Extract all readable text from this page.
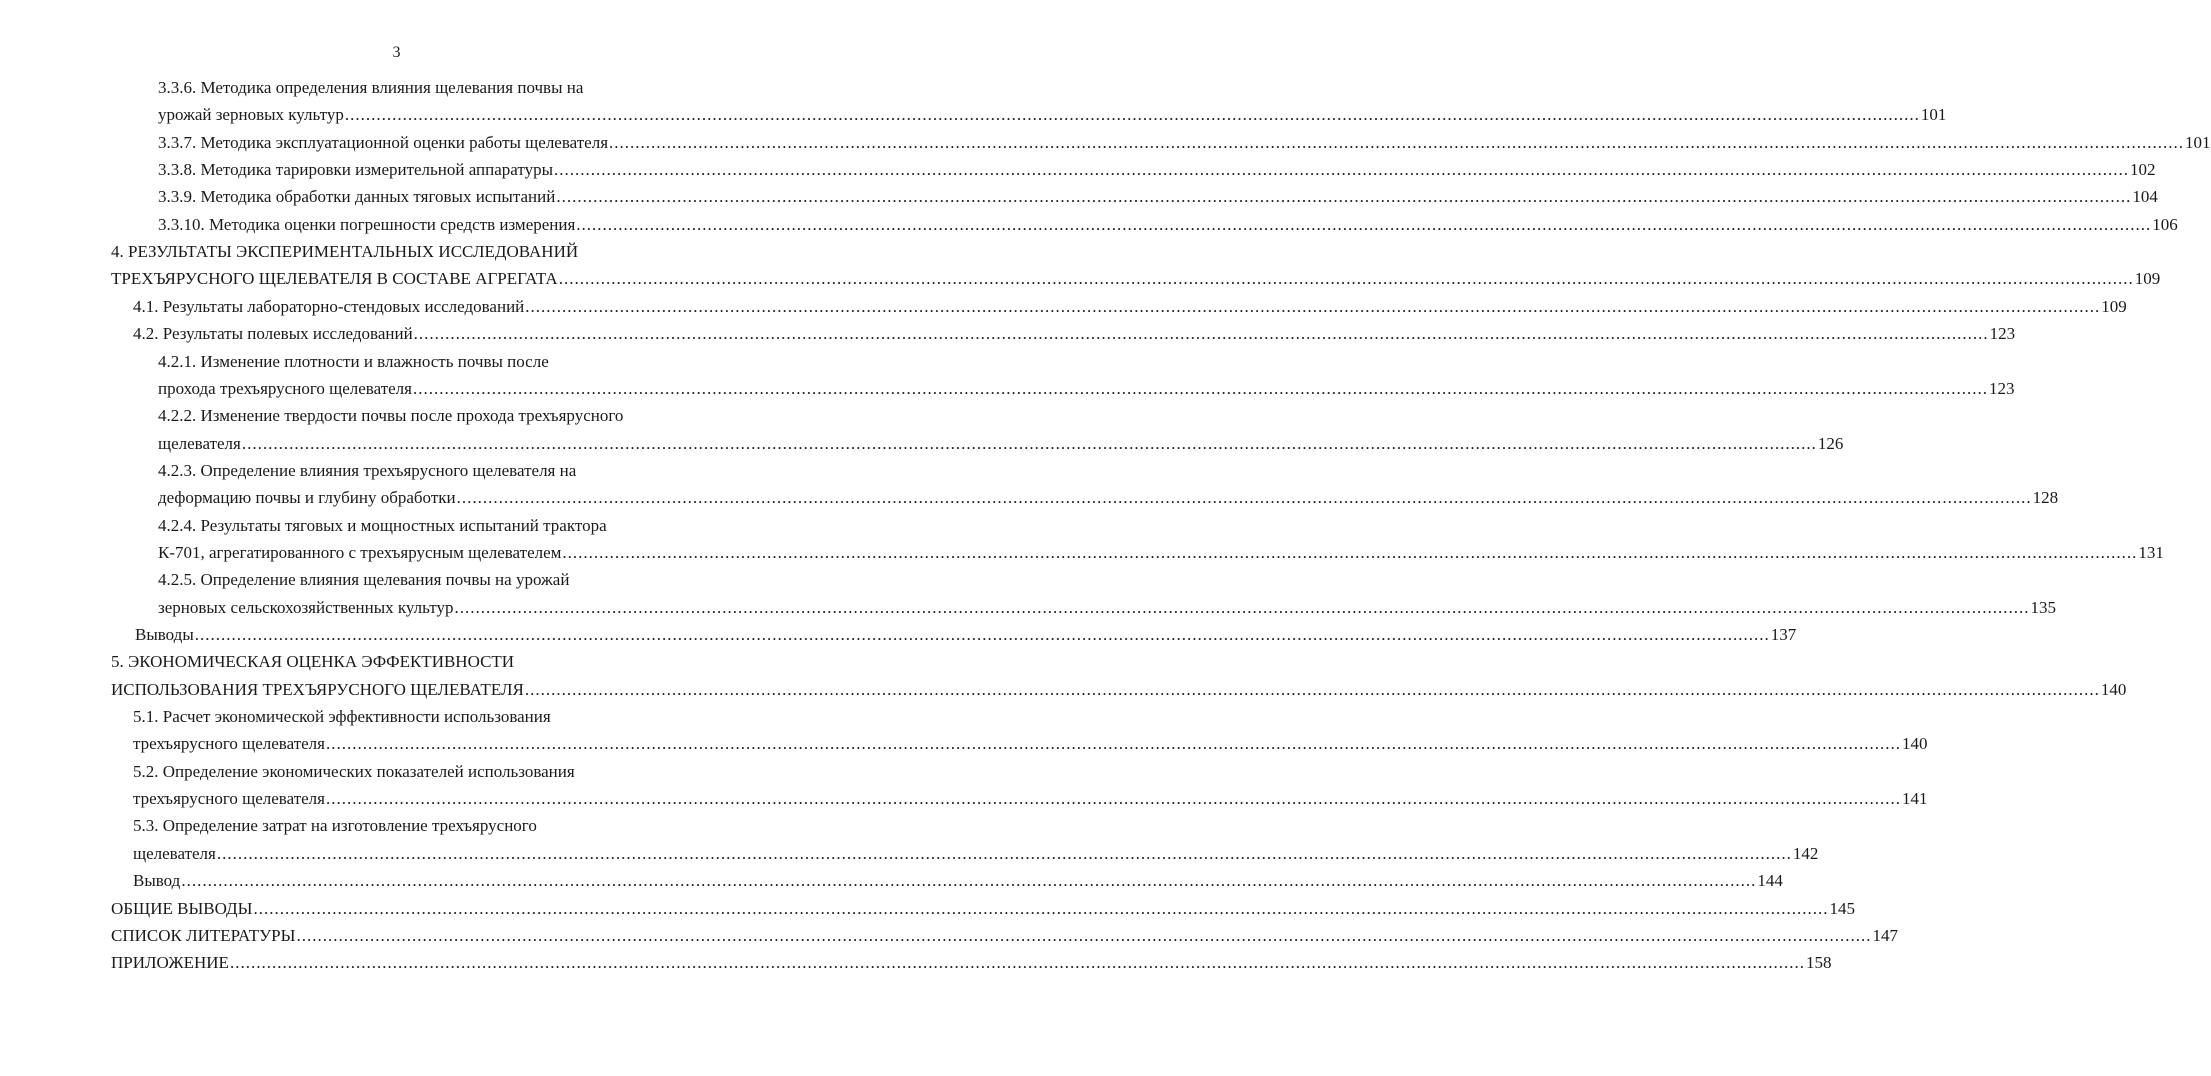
3
3.3.6. Методика определения влияния щелевания почвы на
урожай зерновых культур ............................................................................................................................................................................................................................................................................................................ 101
3.3.7. Методика эксплуатационной оценки работы щелевателя ............................................................................................................................................................................................................................................................................................................ 101
3.3.8. Методика тарировки измерительной аппаратуры ............................................................................................................................................................................................................................................................................................................ 102
3.3.9. Методика обработки данных тяговых испытаний ............................................................................................................................................................................................................................................................................................................ 104
3.3.10. Методика оценки погрешности средств измерения ............................................................................................................................................................................................................................................................................................................ 106
4. РЕЗУЛЬТАТЫ ЭКСПЕРИМЕНТАЛЬНЫХ ИССЛЕДОВАНИЙ
ТРЕХЪЯРУСНОГО ЩЕЛЕВАТЕЛЯ В СОСТАВЕ АГРЕГАТА ............................................................................................................................................................................................................................................................................................................ 109
4.1. Результаты лабораторно-стендовых исследований ............................................................................................................................................................................................................................................................................................................ 109
4.2. Результаты полевых исследований ............................................................................................................................................................................................................................................................................................................ 123
4.2.1. Изменение плотности и влажность почвы после
прохода трехъярусного щелевателя ............................................................................................................................................................................................................................................................................................................ 123
4.2.2. Изменение твердости почвы после прохода трехъярусного
щелевателя ............................................................................................................................................................................................................................................................................................................ 126
4.2.3. Определение влияния трехъярусного щелевателя на
деформацию почвы и глубину обработки ............................................................................................................................................................................................................................................................................................................ 128
4.2.4. Результаты тяговых и мощностных испытаний трактора
К-701, агрегатированного с трехъярусным щелевателем ............................................................................................................................................................................................................................................................................................................ 131
4.2.5. Определение влияния щелевания почвы на урожай
зерновых сельскохозяйственных культур ............................................................................................................................................................................................................................................................................................................ 135
Выводы ............................................................................................................................................................................................................................................................................................................ 137
5. ЭКОНОМИЧЕСКАЯ ОЦЕНКА ЭФФЕКТИВНОСТИ
ИСПОЛЬЗОВАНИЯ ТРЕХЪЯРУСНОГО ЩЕЛЕВАТЕЛЯ ............................................................................................................................................................................................................................................................................................................ 140
5.1. Расчет экономической эффективности использования
трехъярусного щелевателя ............................................................................................................................................................................................................................................................................................................ 140
5.2. Определение экономических показателей использования
трехъярусного щелевателя ............................................................................................................................................................................................................................................................................................................ 141
5.3. Определение затрат на изготовление трехъярусного
щелевателя ............................................................................................................................................................................................................................................................................................................ 142
Вывод ............................................................................................................................................................................................................................................................................................................ 144
ОБЩИЕ ВЫВОДЫ ............................................................................................................................................................................................................................................................................................................ 145
СПИСОК ЛИТЕРАТУРЫ ............................................................................................................................................................................................................................................................................................................ 147
ПРИЛОЖЕНИЕ ............................................................................................................................................................................................................................................................................................................ 158
